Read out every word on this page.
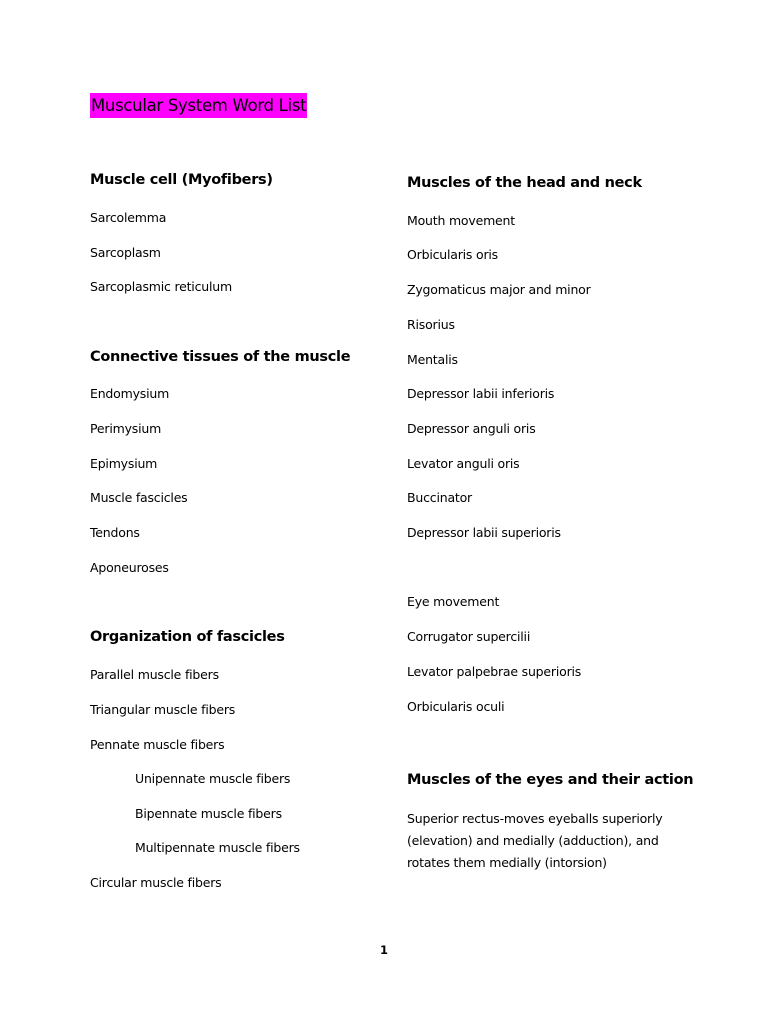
Muscular System Word List
Muscle cell (Myofibers)
Sarcolemma
Sarcoplasm
Sarcoplasmic reticulum
Connective tissues of the muscle
Endomysium
Perimysium
Epimysium
Muscle fascicles
Tendons
Aponeuroses
Organization of fascicles
Parallel muscle fibers
Triangular muscle fibers
Pennate muscle fibers
Unipennate muscle fibers
Bipennate muscle fibers
Multipennate muscle fibers
Circular muscle fibers
Muscles of the head and neck
Mouth movement
Orbicularis oris
Zygomaticus major and minor
Risorius
Mentalis
Depressor labii inferioris
Depressor anguli oris
Levator anguli oris
Buccinator
Depressor labii superioris
Eye movement
Corrugator supercilii
Levator palpebrae superioris
Orbicularis oculi
Muscles of the eyes and their action
Superior rectus-moves eyeballs superiorly (elevation) and medially (adduction), and rotates them medially (intorsion)
1
